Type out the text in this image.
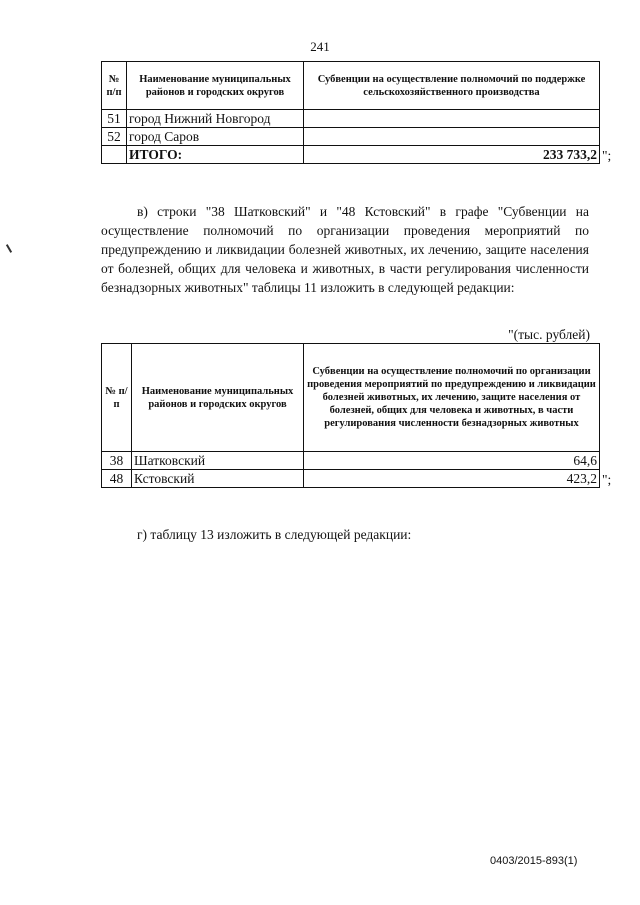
241
№ п/п	Наименование муниципальных районов и городских округов	Субвенции на осуществление полномочий по поддержке сельскохозяйственного производства
51	город Нижний Новгород	
52	город Саров	
	ИТОГО:	233 733,2 ";
в) строки "38 Шатковский" и "48 Кстовский" в графе "Субвенции на осуществление полномочий по организации проведения мероприятий по предупреждению и ликвидации болезней животных, их лечению, защите населения от болезней, общих для человека и животных, в части регулирования численности безнадзорных животных" таблицы 11 изложить в следующей редакции:
"(тыс. рублей)
№ п/п	Наименование муниципальных районов и городских округов	Субвенции на осуществление полномочий по организации проведения мероприятий по предупреждению и ликвидации болезней животных, их лечению, защите населения от болезней, общих для человека и животных, в части регулирования численности безнадзорных животных
38	Шатковский	64,6
48	Кстовский	423,2 ";
г) таблицу 13 изложить в следующей редакции:
0403/2015-893(1)
